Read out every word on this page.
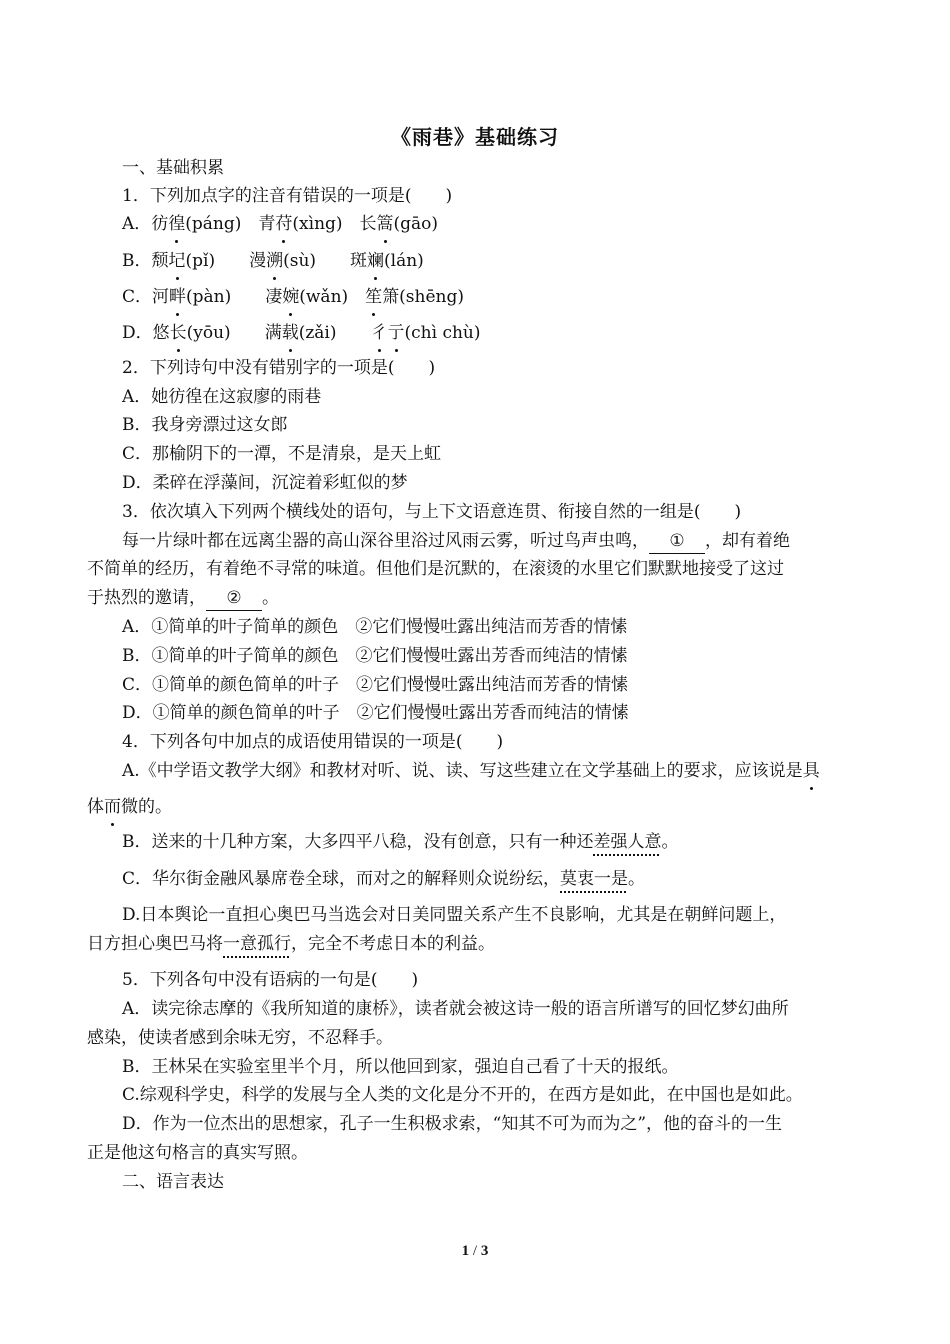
《雨巷》基础练习
一、基础积累
1．下列加点字的注音有错误的一项是(　　)
A．彷徨(páng)　 青苻(xìng)　 长篙(gāo)
B．颓圮(pǐ)　　 漫溯(sù)　　 斑斓(lán)
C．河畔(pàn)　　 凄婉(wǎn)　 笙箫(shēng)
D．悠长(yōu)　　 满载(zǎi)　　 彳亍(chì chù)
2．下列诗句中没有错别字的一项是(　　)
A．她彷徨在这寂廖的雨巷
B．我身旁漂过这女郎
C．那榆阴下的一潭，不是清泉，是天上虹
D．柔碎在浮藻间，沉淀着彩虹似的梦
3．依次填入下列两个横线处的语句，与上下文语意连贯、衔接自然的一组是(　　)
每一片绿叶都在远离尘器的高山深谷里浴过风雨云雾，听过鸟声虫鸣， ① ，却有着绝
不简单的经历，有着绝不寻常的味道。但他们是沉默的，在滚烫的水里它们默默地接受了这过
于热烈的邀请， ② 。
A．①简单的叶子简单的颜色　②它们慢慢吐露出纯洁而芳香的情愫
B．①简单的叶子简单的颜色　②它们慢慢吐露出芳香而纯洁的情愫
C．①简单的颜色简单的叶子　②它们慢慢吐露出纯洁而芳香的情愫
D．①简单的颜色简单的叶子　②它们慢慢吐露出芳香而纯洁的情愫
4．下列各句中加点的成语使用错误的一项是(　　)
A.《中学语文教学大纲》和教材对听、说、读、写这些建立在文学基础上的要求，应该说是具
体而微的。
B．送来的十几种方案，大多四平八稳，没有创意，只有一种还差强人意。
C．华尔街金融风暴席卷全球，而对之的解释则众说纷纭，莫衷一是。
D.日本舆论一直担心奥巴马当选会对日美同盟关系产生不良影响，尤其是在朝鲜问题上，
日方担心奥巴马将一意孤行，完全不考虑日本的利益。
5．下列各句中没有语病的一句是(　　)
A．读完徐志摩的《我所知道的康桥》，读者就会被这诗一般的语言所谱写的回忆梦幻曲所
感染，使读者感到余味无穷，不忍释手。
B．王林呆在实验室里半个月，所以他回到家，强迫自己看了十天的报纸。
C.综观科学史，科学的发展与全人类的文化是分不开的，在西方是如此，在中国也是如此。
D．作为一位杰出的思想家，孔子一生积极求索，“知其不可为而为之”，他的奋斗的一生
正是他这句格言的真实写照。
二、语言表达
1 / 3
